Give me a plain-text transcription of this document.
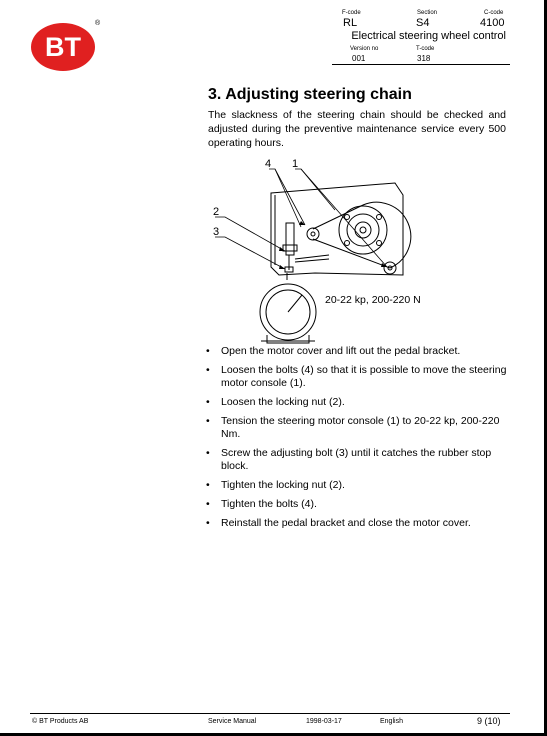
BT
®
F-code	Section	C-code
RL	S4	4100
Electrical steering wheel control
Version no	T-code
001	318
3. Adjusting steering chain
The slackness of the steering chain should be checked and adjusted during the preventive maintenance service every 500 operating hours.
4 1
2
3
20-22 kp, 200-220 N
• Open the motor cover and lift out the pedal bracket.
• Loosen the bolts (4) so that it is possible to move the steering motor console (1).
• Loosen the locking nut (2).
• Tension the steering motor console (1) to 20-22 kp, 200-220 Nm.
• Screw the adjusting bolt (3) until it catches the rubber stop block.
• Tighten the locking nut (2).
• Tighten the bolts (4).
• Reinstall the pedal bracket and close the motor cover.
© BT Products AB	Service Manual	1998-03-17	English	9 (10)
